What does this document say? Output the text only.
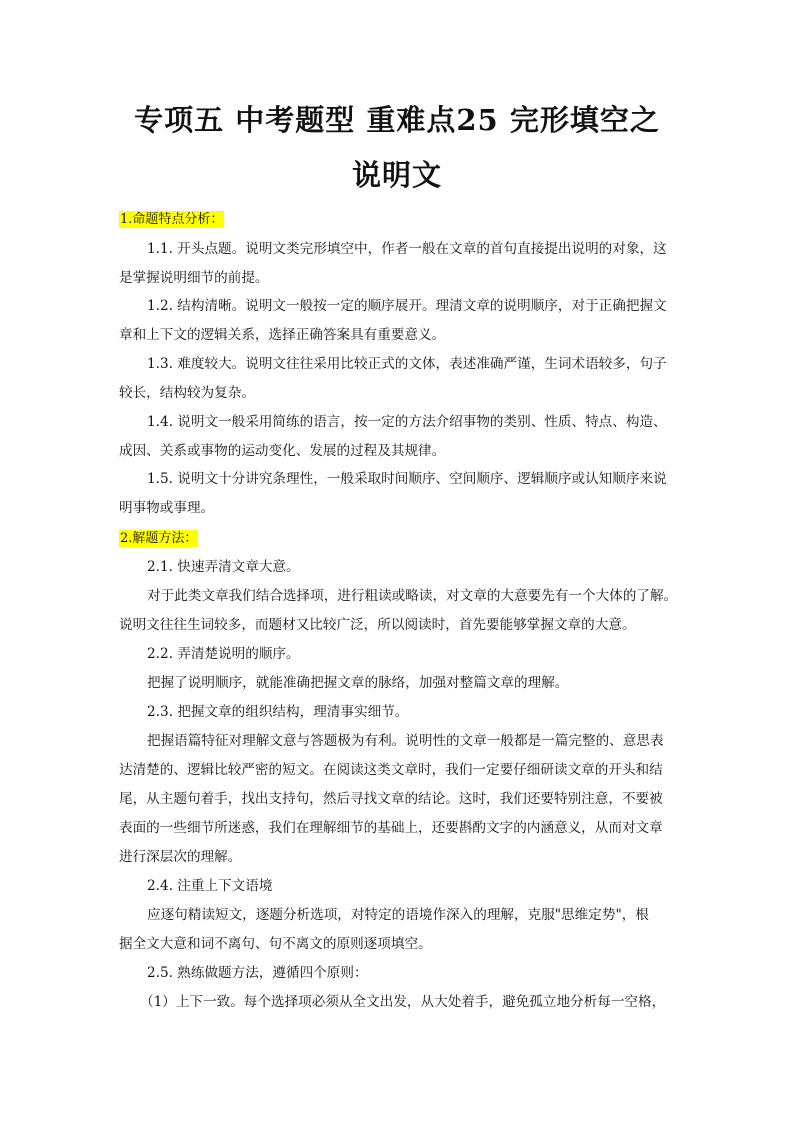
专项五 中考题型 重难点25 完形填空之
说明文
1.命题特点分析：
1.1. 开头点题。说明文类完形填空中，作者一般在文章的首句直接提出说明的对象，这
是掌握说明细节的前提。
1.2. 结构清晰。说明文一般按一定的顺序展开。理清文章的说明顺序，对于正确把握文
章和上下文的逻辑关系，选择正确答案具有重要意义。
1.3. 难度较大。说明文往往采用比较正式的文体，表述准确严谨，生词术语较多，句子
较长，结构较为复杂。
1.4. 说明文一般采用简练的语言，按一定的方法介绍事物的类别、性质、特点、构造、
成因、关系或事物的运动变化、发展的过程及其规律。
1.5. 说明文十分讲究条理性，一般采取时间顺序、空间顺序、逻辑顺序或认知顺序来说
明事物或事理。
2.解题方法：
2.1. 快速弄清文章大意。
对于此类文章我们结合选择项，进行粗读或略读，对文章的大意要先有一个大体的了解。
说明文往往生词较多，而题材又比较广泛，所以阅读时，首先要能够掌握文章的大意。
2.2. 弄清楚说明的顺序。
把握了说明顺序，就能准确把握文章的脉络，加强对整篇文章的理解。
2.3. 把握文章的组织结构，理清事实细节。
把握语篇特征对理解文意与答题极为有利。说明性的文章一般都是一篇完整的、意思表
达清楚的、逻辑比较严密的短文。在阅读这类文章时，我们一定要仔细研读文章的开头和结
尾，从主题句着手，找出支持句，然后寻找文章的结论。这时，我们还要特别注意，不要被
表面的一些细节所迷惑，我们在理解细节的基础上，还要斟酌文字的内涵意义，从而对文章
进行深层次的理解。
2.4. 注重上下文语境
应逐句精读短文，逐题分析选项，对特定的语境作深入的理解，克服"思维定势"，根
据全文大意和词不离句、句不离文的原则逐项填空。
2.5. 熟练做题方法，遵循四个原则：
（1）上下一致。每个选择项必须从全文出发，从大处着手，避免孤立地分析每一空格，
